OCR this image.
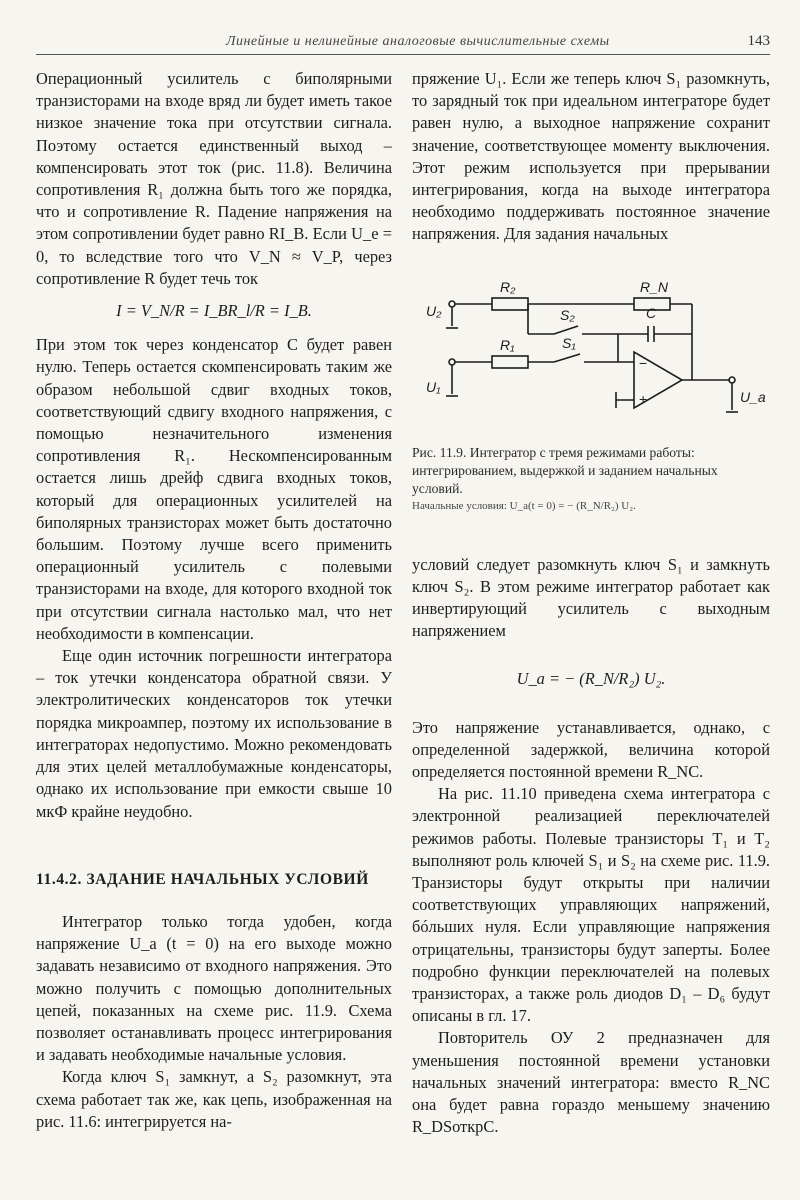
Линейные и нелинейные аналоговые вычислительные схемы	143

Операционный усилитель с биполярными транзисторами на входе вряд ли будет иметь такое низкое значение тока при отсутствии сигнала. Поэтому остается единственный выход – компенсировать этот ток (рис. 11.8). Величина сопротивления R₁ должна быть того же порядка, что и сопротивление R. Падение напряжения на этом сопротивлении будет равно RI_B. Если U_e = 0, то вследствие того что V_N ≈ V_P, через сопротивление R будет течь ток

I = V_N/R = I_BR_l/R = I_B.

При этом ток через конденсатор C будет равен нулю. Теперь остается скомпенсировать таким же образом небольшой сдвиг входных токов, соответствующий сдвигу входного напряжения, с помощью незначительного изменения сопротивления R₁. Нескомпенсированным остается лишь дрейф сдвига входных токов, который для операционных усилителей на биполярных транзисторах может быть достаточно большим. Поэтому лучше всего применить операционный усилитель с полевыми транзисторами на входе, для которого входной ток при отсутствии сигнала настолько мал, что нет необходимости в компенсации.

Еще один источник погрешности интегратора – ток утечки конденсатора обратной связи. У электролитических конденсаторов ток утечки порядка микроампер, поэтому их использование в интеграторах недопустимо. Можно рекомендовать для этих целей металлобумажные конденсаторы, однако их использование при емкости свыше 10 мкФ крайне неудобно.

11.4.2. ЗАДАНИЕ НАЧАЛЬНЫХ УСЛОВИЙ

Интегратор только тогда удобен, когда напряжение U_a (t = 0) на его выходе можно задавать независимо от входного напряжения. Это можно получить с помощью дополнительных цепей, показанных на схеме рис. 11.9. Схема позволяет останавливать процесс интегрирования и задавать необходимые начальные условия.

Когда ключ S₁ замкнут, а S₂ разомкнут, эта схема работает так же, как цепь, изображенная на рис. 11.6: интегрируется на-

пряжение U₁. Если же теперь ключ S₁ разомкнуть, то зарядный ток при идеальном интеграторе будет равен нулю, а выходное напряжение сохранит значение, соответствующее моменту выключения. Этот режим используется при прерывании интегрирования, когда на выходе интегратора необходимо поддерживать постоянное значение напряжения. Для задания начальных

U₂
R₂	R_N
S₂	C
U₁
R₁	S₁
−
+	U_a
Рис. 11.9. Интегратор с тремя режимами работы: интегрированием, выдержкой и заданием начальных условий.
Начальные условия: U_a(t = 0) = − (R_N/R₂) U₂.

условий следует разомкнуть ключ S₁ и замкнуть ключ S₂. В этом режиме интегратор работает как инвертирующий усилитель с выходным напряжением

U_a = − (R_N/R₂) U₂.

Это напряжение устанавливается, однако, с определенной задержкой, величина которой определяется постоянной времени R_NC.

На рис. 11.10 приведена схема интегратора с электронной реализацией переключателей режимов работы. Полевые транзисторы T₁ и T₂ выполняют роль ключей S₁ и S₂ на схеме рис. 11.9. Транзисторы будут открыты при наличии соответствующих управляющих напряжений, бóльших нуля. Если управляющие напряжения отрицательны, транзисторы будут заперты. Более подробно функции переключателей на полевых транзисторах, а также роль диодов D₁ – D₆ будут описаны в гл. 17.

Повторитель ОУ 2 предназначен для уменьшения постоянной времени установки начальных значений интегратора: вместо R_NC она будет равна гораздо меньшему значению R_DSоткрC.
